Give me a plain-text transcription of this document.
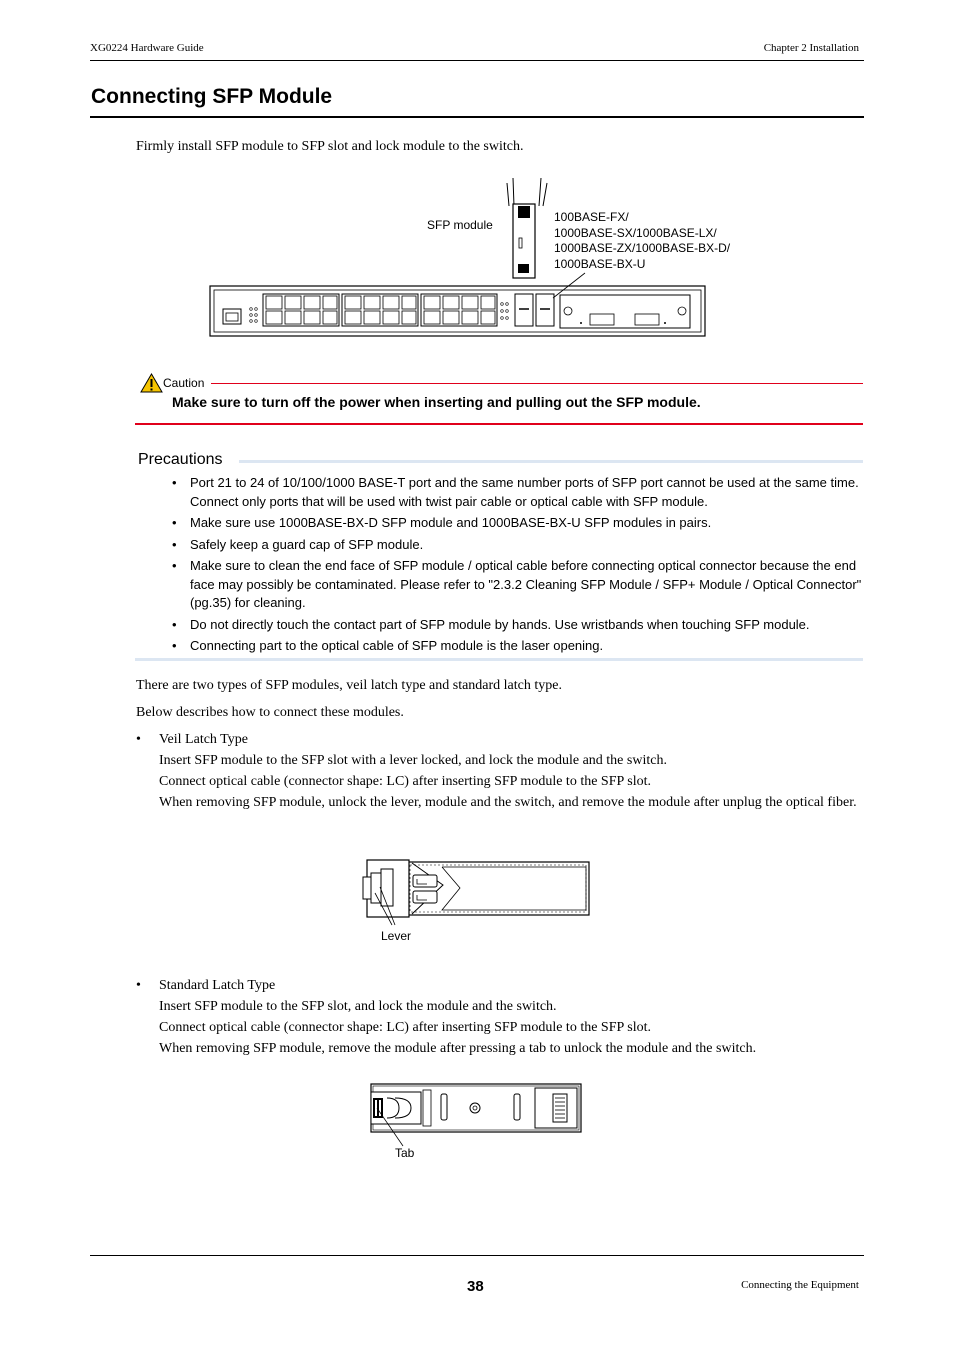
XG0224 Hardware Guide	Chapter 2 Installation
Connecting SFP Module
Firmly install SFP module to SFP slot and lock module to the switch.
SFP module
100BASE-FX/
1000BASE-SX/1000BASE-LX/
1000BASE-ZX/1000BASE-BX-D/
1000BASE-BX-U
Caution
Make sure to turn off the power when inserting and pulling out the SFP module.
Precautions
• Port 21 to 24 of 10/100/1000 BASE-T port and the same number ports of SFP port cannot be used at the same time. Connect only ports that will be used with twist pair cable or optical cable with SFP module.
• Make sure use 1000BASE-BX-D SFP module and 1000BASE-BX-U SFP modules in pairs.
• Safely keep a guard cap of SFP module.
• Make sure to clean the end face of SFP module / optical cable before connecting optical connector because the end face may possibly be contaminated. Please refer to "2.3.2 Cleaning SFP Module / SFP+ Module / Optical Connector" (pg.35) for cleaning.
• Do not directly touch the contact part of SFP module by hands. Use wristbands when touching SFP module.
• Connecting part to the optical cable of SFP module is the laser opening.
There are two types of SFP modules, veil latch type and standard latch type.
Below describes how to connect these modules.
• Veil Latch Type
Insert SFP module to the SFP slot with a lever locked, and lock the module and the switch.
Connect optical cable (connector shape: LC) after inserting SFP module to the SFP slot.
When removing SFP module, unlock the lever, module and the switch, and remove the module after unplug the optical fiber.
Lever
• Standard Latch Type
Insert SFP module to the SFP slot, and lock the module and the switch.
Connect optical cable (connector shape: LC) after inserting SFP module to the SFP slot.
When removing SFP module, remove the module after pressing a tab to unlock the module and the switch.
Tab
38	Connecting the Equipment
